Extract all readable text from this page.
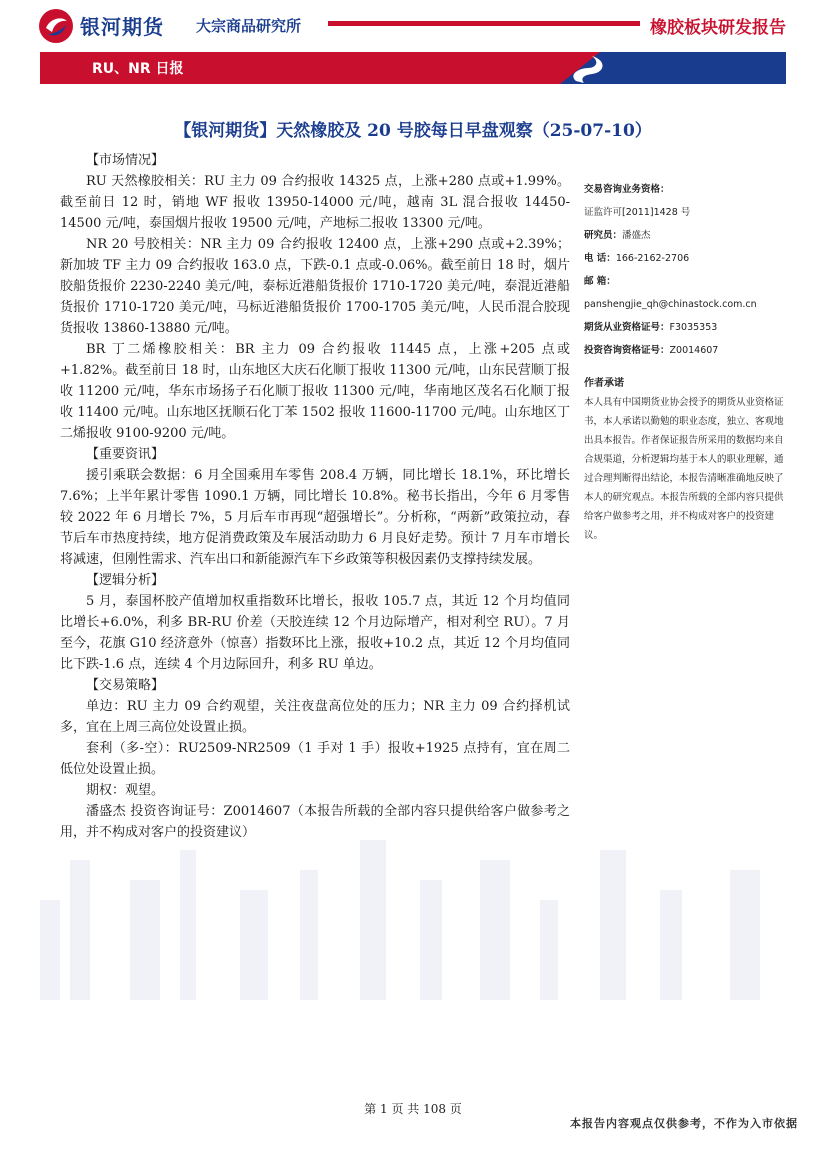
银河期货 大宗商品研究所	橡胶板块研发报告
RU、NR 日报
【银河期货】天然橡胶及 20 号胶每日早盘观察（25-07-10）
【市场情况】

RU 天然橡胶相关：RU 主力 09 合约报收 14325 点，上涨+280 点或+1.99%。截至前日 12 时，销地 WF 报收 13950-14000 元/吨，越南 3L 混合报收 14450-14500 元/吨，泰国烟片报收 19500 元/吨，产地标二报收 13300 元/吨。

NR 20 号胶相关：NR 主力 09 合约报收 12400 点，上涨+290 点或+2.39%；新加坡 TF 主力 09 合约报收 163.0 点，下跌-0.1 点或-0.06%。截至前日 18 时，烟片胶船货报价 2230-2240 美元/吨，泰标近港船货报价 1710-1720 美元/吨，泰混近港船货报价 1710-1720 美元/吨，马标近港船货报价 1700-1705 美元/吨，人民币混合胶现货报收 13860-13880 元/吨。

BR 丁二烯橡胶相关：BR 主力 09 合约报收 11445 点，上涨+205 点或+1.82%。截至前日 18 时，山东地区大庆石化顺丁报收 11300 元/吨，山东民营顺丁报收 11200 元/吨，华东市场扬子石化顺丁报收 11300 元/吨，华南地区茂名石化顺丁报收 11400 元/吨。山东地区抚顺石化丁苯 1502 报收 11600-11700 元/吨。山东地区丁二烯报收 9100-9200 元/吨。

【重要资讯】

援引乘联会数据：6 月全国乘用车零售 208.4 万辆，同比增长 18.1%，环比增长 7.6%；上半年累计零售 1090.1 万辆，同比增长 10.8%。秘书长指出，今年 6 月零售较 2022 年 6 月增长 7%，5 月后车市再现“超强增长”。分析称，“两新”政策拉动，春节后车市热度持续，地方促消费政策及车展活动助力 6 月良好走势。预计 7 月车市增长将减速，但刚性需求、汽车出口和新能源汽车下乡政策等积极因素仍支撑持续发展。

【逻辑分析】

5 月，泰国杯胶产值增加权重指数环比增长，报收 105.7 点，其近 12 个月均值同比增长+6.0%，利多 BR-RU 价差（天胶连续 12 个月边际增产，相对利空 RU）。7 月至今，花旗 G10 经济意外（惊喜）指数环比上涨，报收+10.2 点，其近 12 个月均值同比下跌-1.6 点，连续 4 个月边际回升，利多 RU 单边。

【交易策略】

单边：RU 主力 09 合约观望，关注夜盘高位处的压力；NR 主力 09 合约择机试多，宜在上周三高位处设置止损。

套利（多-空）：RU2509-NR2509（1 手对 1 手）报收+1925 点持有，宜在周二低位处设置止损。

期权：观望。

潘盛杰 投资咨询证号：Z0014607（本报告所载的全部内容只提供给客户做参考之用，并不构成对客户的投资建议）

交易咨询业务资格：
证监许可[2011]1428 号
研究员：潘盛杰
电 话：166-2162-2706
邮 箱：
panshengjie_qh@chinastock.com.cn
期货从业资格证号：F3035353
投资咨询资格证号：Z0014607
作者承诺
本人具有中国期货业协会授予的期货从业资格证书，本人承诺以勤勉的职业态度，独立、客观地出具本报告。作者保证报告所采用的数据均来自合规渠道，分析逻辑均基于本人的职业理解，通过合理判断得出结论，本报告清晰准确地反映了本人的研究观点。本报告所载的全部内容只提供给客户做参考之用，并不构成对客户的投资建议。
第 1 页 共 108 页
本报告内容观点仅供参考，不作为入市依据
